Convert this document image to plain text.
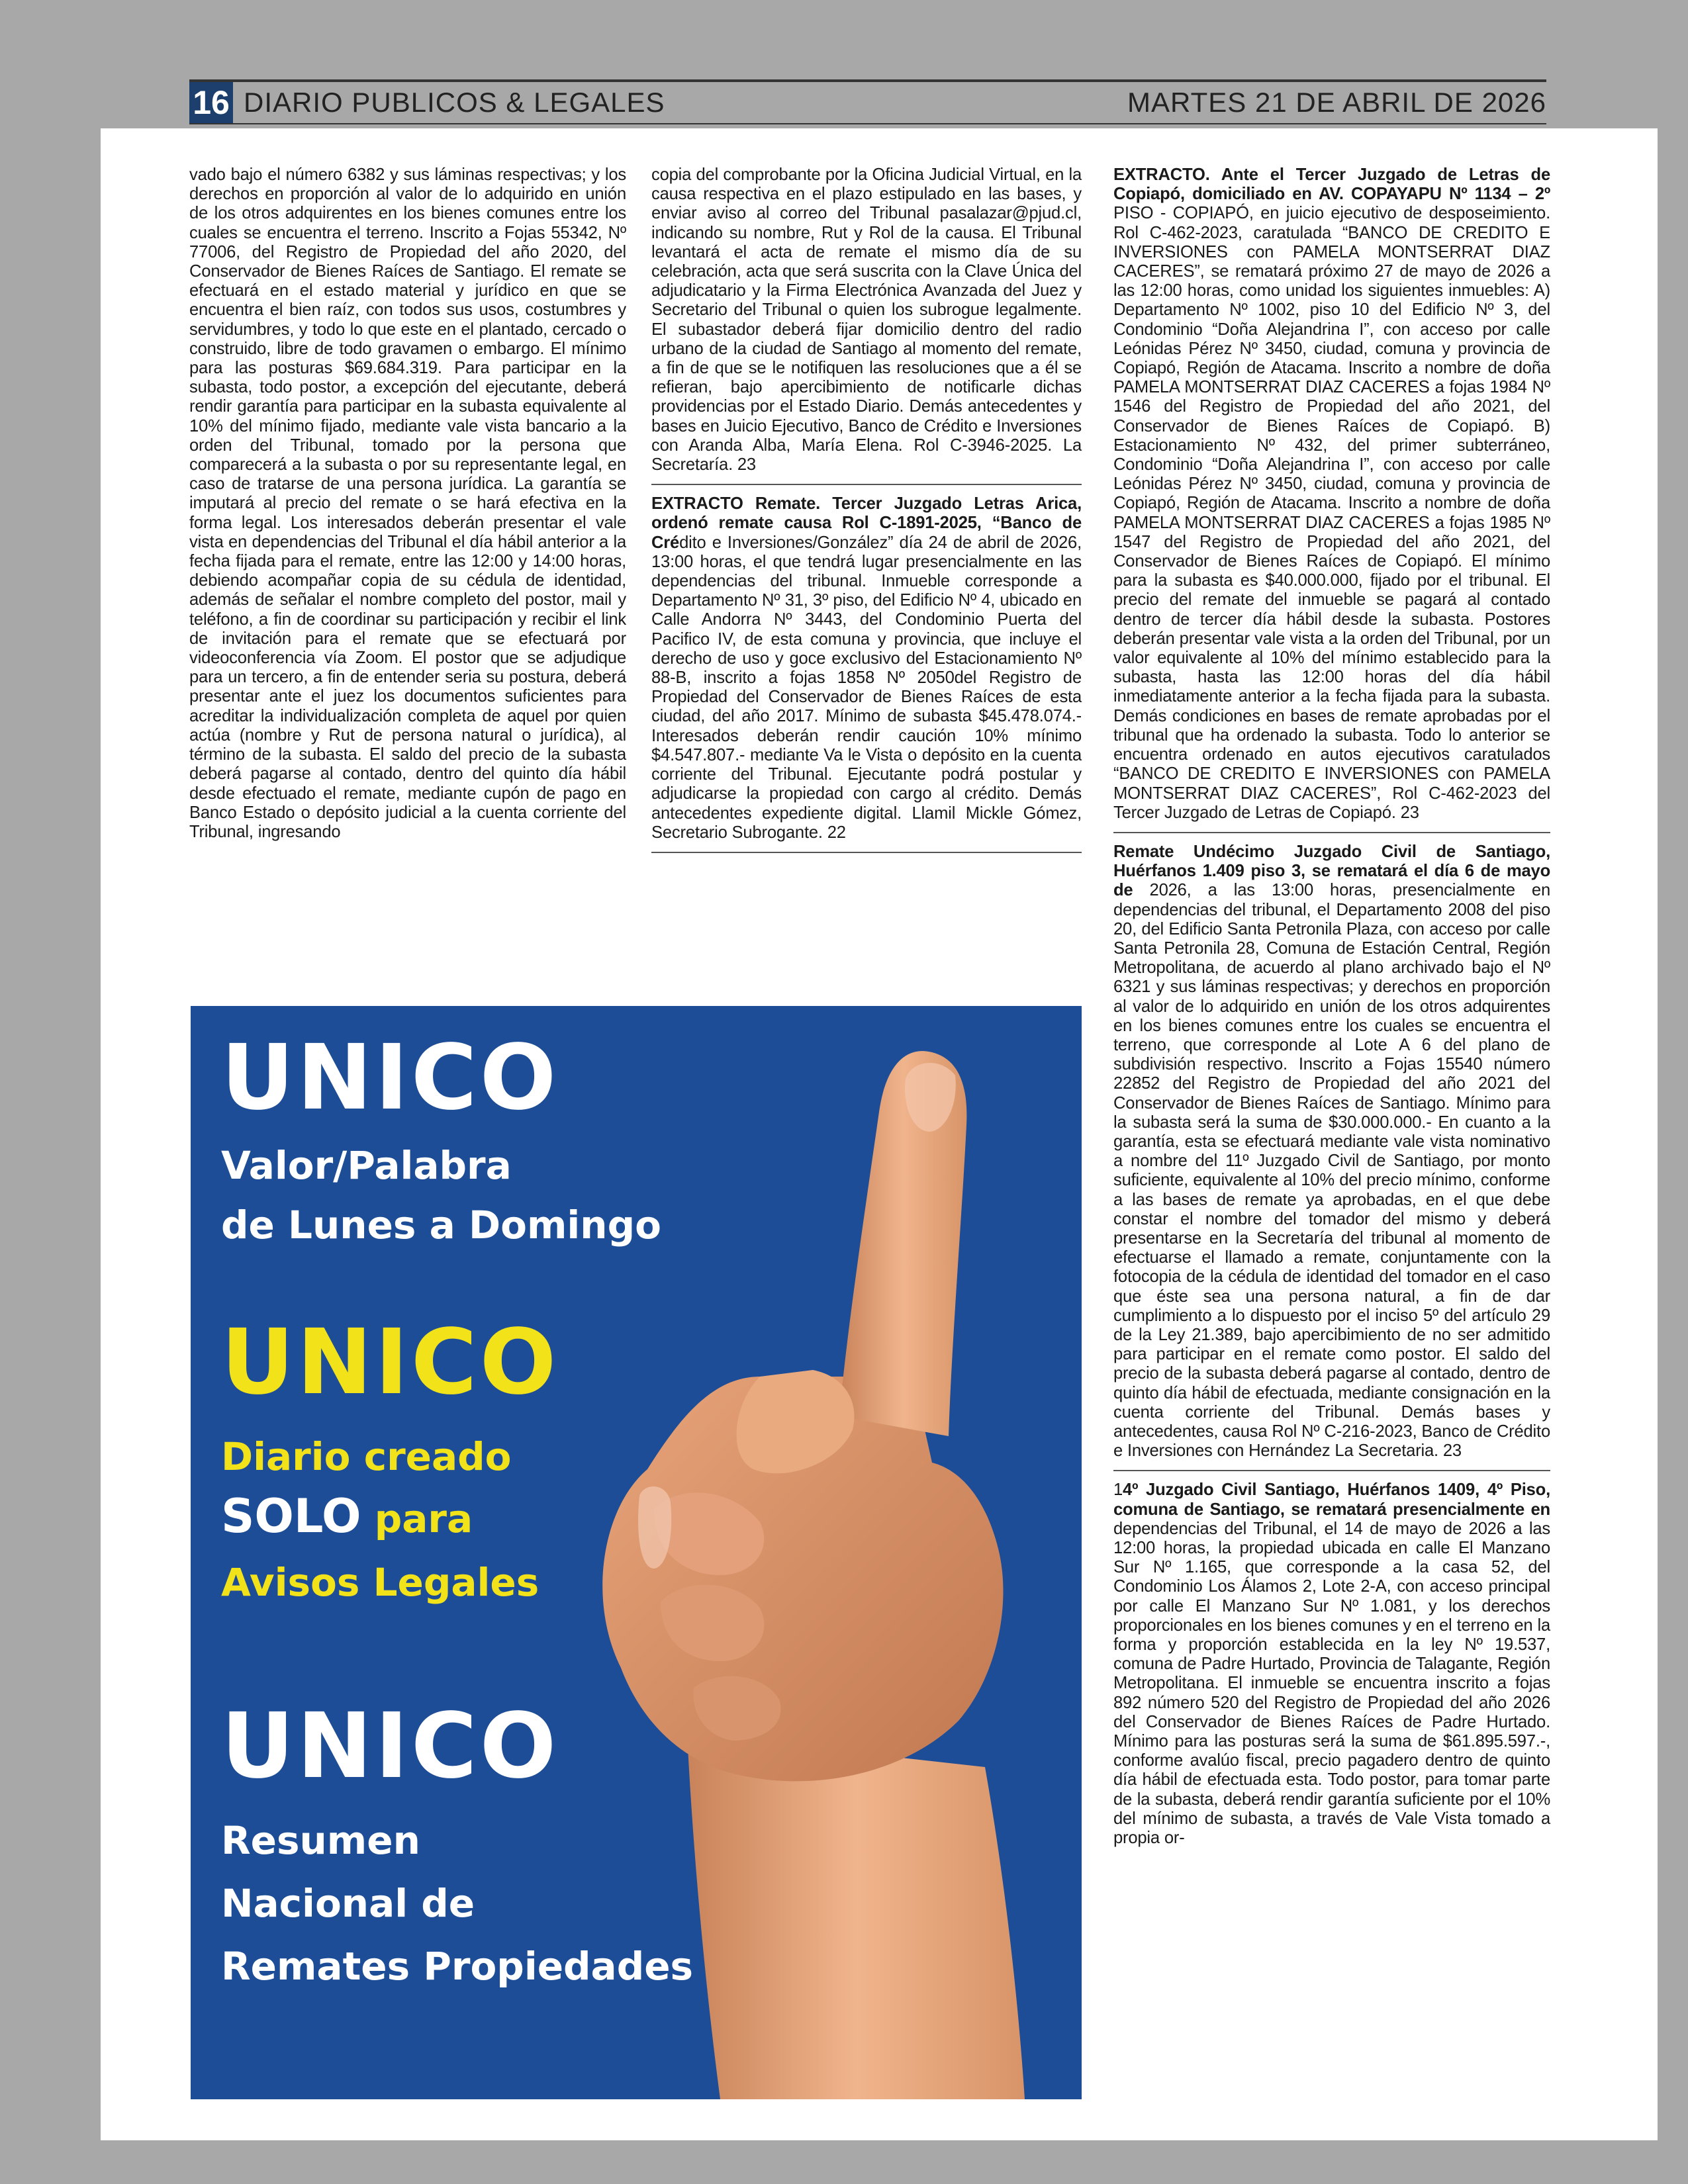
16 DIARIO PUBLICOS & LEGALES	MARTES 21 DE ABRIL DE 2026

vado bajo el número 6382 y sus láminas respectivas; y los derechos en proporción al valor de lo adquirido en unión de los otros adquirentes en los bienes comunes entre los cuales se encuentra el terreno. Inscrito a Fojas 55342, Nº 77006, del Registro de Propiedad del año 2020, del Conservador de Bienes Raíces de Santiago. El remate se efectuará en el estado material y jurídico en que se encuentra el bien raíz, con todos sus usos, costumbres y servidumbres, y todo lo que este en el plantado, cercado o construido, libre de todo gravamen o embargo. El mínimo para las posturas $69.684.319. Para participar en la subasta, todo postor, a excepción del ejecutante, deberá rendir garantía para participar en la subasta equivalente al 10% del mínimo fijado, mediante vale vista bancario a la orden del Tribunal, tomado por la persona que comparecerá a la subasta o por su representante legal, en caso de tratarse de una persona jurídica. La garantía se imputará al precio del remate o se hará efectiva en la forma legal. Los interesados deberán presentar el vale vista en dependencias del Tribunal el día hábil anterior a la fecha fijada para el remate, entre las 12:00 y 14:00 horas, debiendo acompañar copia de su cédula de identidad, además de señalar el nombre completo del postor, mail y teléfono, a fin de coordinar su participación y recibir el link de invitación para el remate que se efectuará por videoconferencia vía Zoom. El postor que se adjudique para un tercero, a fin de entender seria su postura, deberá presentar ante el juez los documentos suficientes para acreditar la individualización completa de aquel por quien actúa (nombre y Rut de persona natural o jurídica), al término de la subasta. El saldo del precio de la subasta deberá pagarse al contado, dentro del quinto día hábil desde efectuado el remate, mediante cupón de pago en Banco Estado o depósito judicial a la cuenta corriente del Tribunal, ingresando

copia del comprobante por la Oficina Judicial Virtual, en la causa respectiva en el plazo estipulado en las bases, y enviar aviso al correo del Tribunal pasalazar@pjud.cl, indicando su nombre, Rut y Rol de la causa. El Tribunal levantará el acta de remate el mismo día de su celebración, acta que será suscrita con la Clave Única del adjudicatario y la Firma Electrónica Avanzada del Juez y Secretario del Tribunal o quien los subrogue legalmente. El subastador deberá fijar domicilio dentro del radio urbano de la ciudad de Santiago al momento del remate, a fin de que se le notifiquen las resoluciones que a él se refieran, bajo apercibimiento de notificarle dichas providencias por el Estado Diario. Demás antecedentes y bases en Juicio Ejecutivo, Banco de Crédito e Inversiones con Aranda Alba, María Elena. Rol C-3946-2025. La Secretaría. 23

EXTRACTO Remate. Tercer Juzgado Letras Arica, ordenó remate causa Rol C-1891-2025, “Banco de Crédito e Inversiones/González” día 24 de abril de 2026, 13:00 horas, el que tendrá lugar presencialmente en las dependencias del tribunal. Inmueble corresponde a Departamento Nº 31, 3º piso, del Edificio Nº 4, ubicado en Calle Andorra Nº 3443, del Condominio Puerta del Pacifico IV, de esta comuna y provincia, que incluye el derecho de uso y goce exclusivo del Estacionamiento Nº 88-B, inscrito a fojas 1858 Nº 2050del Registro de Propiedad del Conservador de Bienes Raíces de esta ciudad, del año 2017. Mínimo de subasta $45.478.074.- Interesados deberán rendir caución 10% mínimo $4.547.807.- mediante Va le Vista o depósito en la cuenta corriente del Tribunal. Ejecutante podrá postular y adjudicarse la propiedad con cargo al crédito. Demás antecedentes expediente digital. Llamil Mickle Gómez, Secretario Subrogante. 22

EXTRACTO. Ante el Tercer Juzgado de Letras de Copiapó, domiciliado en AV. COPAYAPU Nº 1134 – 2º PISO - COPIAPÓ, en juicio ejecutivo de desposeimiento. Rol C-462-2023, caratulada “BANCO DE CREDITO E INVERSIONES con PAMELA MONTSERRAT DIAZ CACERES”, se rematará próximo 27 de mayo de 2026 a las 12:00 horas, como unidad los siguientes inmuebles: A) Departamento Nº 1002, piso 10 del Edificio Nº 3, del Condominio “Doña Alejandrina I”, con acceso por calle Leónidas Pérez Nº 3450, ciudad, comuna y provincia de Copiapó, Región de Atacama. Inscrito a nombre de doña PAMELA MONTSERRAT DIAZ CACERES a fojas 1984 Nº 1546 del Registro de Propiedad del año 2021, del Conservador de Bienes Raíces de Copiapó. B) Estacionamiento Nº 432, del primer subterráneo, Condominio “Doña Alejandrina I”, con acceso por calle Leónidas Pérez Nº 3450, ciudad, comuna y provincia de Copiapó, Región de Atacama. Inscrito a nombre de doña PAMELA MONTSERRAT DIAZ CACERES a fojas 1985 Nº 1547 del Registro de Propiedad del año 2021, del Conservador de Bienes Raíces de Copiapó. El mínimo para la subasta es $40.000.000, fijado por el tribunal. El precio del remate del inmueble se pagará al contado dentro de tercer día hábil desde la subasta. Postores deberán presentar vale vista a la orden del Tribunal, por un valor equivalente al 10% del mínimo establecido para la subasta, hasta las 12:00 horas del día hábil inmediatamente anterior a la fecha fijada para la subasta. Demás condiciones en bases de remate aprobadas por el tribunal que ha ordenado la subasta. Todo lo anterior se encuentra ordenado en autos ejecutivos caratulados “BANCO DE CREDITO E INVERSIONES con PAMELA MONTSERRAT DIAZ CACERES”, Rol C-462-2023 del Tercer Juzgado de Letras de Copiapó. 23

Remate Undécimo Juzgado Civil de Santiago, Huérfanos 1.409 piso 3, se rematará el día 6 de mayo de 2026, a las 13:00 horas, presencialmente en dependencias del tribunal, el Departamento 2008 del piso 20, del Edificio Santa Petronila Plaza, con acceso por calle Santa Petronila 28, Comuna de Estación Central, Región Metropolitana, de acuerdo al plano archivado bajo el Nº 6321 y sus láminas respectivas; y derechos en proporción al valor de lo adquirido en unión de los otros adquirentes en los bienes comunes entre los cuales se encuentra el terreno, que corresponde al Lote A 6 del plano de subdivisión respectivo. Inscrito a Fojas 15540 número 22852 del Registro de Propiedad del año 2021 del Conservador de Bienes Raíces de Santiago. Mínimo para la subasta será la suma de $30.000.000.- En cuanto a la garantía, esta se efectuará mediante vale vista nominativo a nombre del 11º Juzgado Civil de Santiago, por monto suficiente, equivalente al 10% del precio mínimo, conforme a las bases de remate ya aprobadas, en el que debe constar el nombre del tomador del mismo y deberá presentarse en la Secretaría del tribunal al momento de efectuarse el llamado a remate, conjuntamente con la fotocopia de la cédula de identidad del tomador en el caso que éste sea una persona natural, a fin de dar cumplimiento a lo dispuesto por el inciso 5º del artículo 29 de la Ley 21.389, bajo apercibimiento de no ser admitido para participar en el remate como postor. El saldo del precio de la subasta deberá pagarse al contado, dentro de quinto día hábil de efectuada, mediante consignación en la cuenta corriente del Tribunal. Demás bases y antecedentes, causa Rol Nº C-216-2023, Banco de Crédito e Inversiones con Hernández La Secretaria. 23

14º Juzgado Civil Santiago, Huérfanos 1409, 4º Piso, comuna de Santiago, se rematará presencialmente en dependencias del Tribunal, el 14 de mayo de 2026 a las 12:00 horas, la propiedad ubicada en calle El Manzano Sur Nº 1.165, que corresponde a la casa 52, del Condominio Los Álamos 2, Lote 2-A, con acceso principal por calle El Manzano Sur Nº 1.081, y los derechos proporcionales en los bienes comunes y en el terreno en la forma y proporción establecida en la ley Nº 19.537, comuna de Padre Hurtado, Provincia de Talagante, Región Metropolitana. El inmueble se encuentra inscrito a fojas 892 número 520 del Registro de Propiedad del año 2026 del Conservador de Bienes Raíces de Padre Hurtado. Mínimo para las posturas será la suma de $61.895.597.-, conforme avalúo fiscal, precio pagadero dentro de quinto día hábil de efectuada esta. Todo postor, para tomar parte de la subasta, deberá rendir garantía suficiente por el 10% del mínimo de subasta, a través de Vale Vista tomado a propia or-

UNICO
Valor/Palabra
de Lunes a Domingo
UNICO
Diario creado
SOLO para
Avisos Legales
UNICO
Resumen
Nacional de
Remates Propiedades
